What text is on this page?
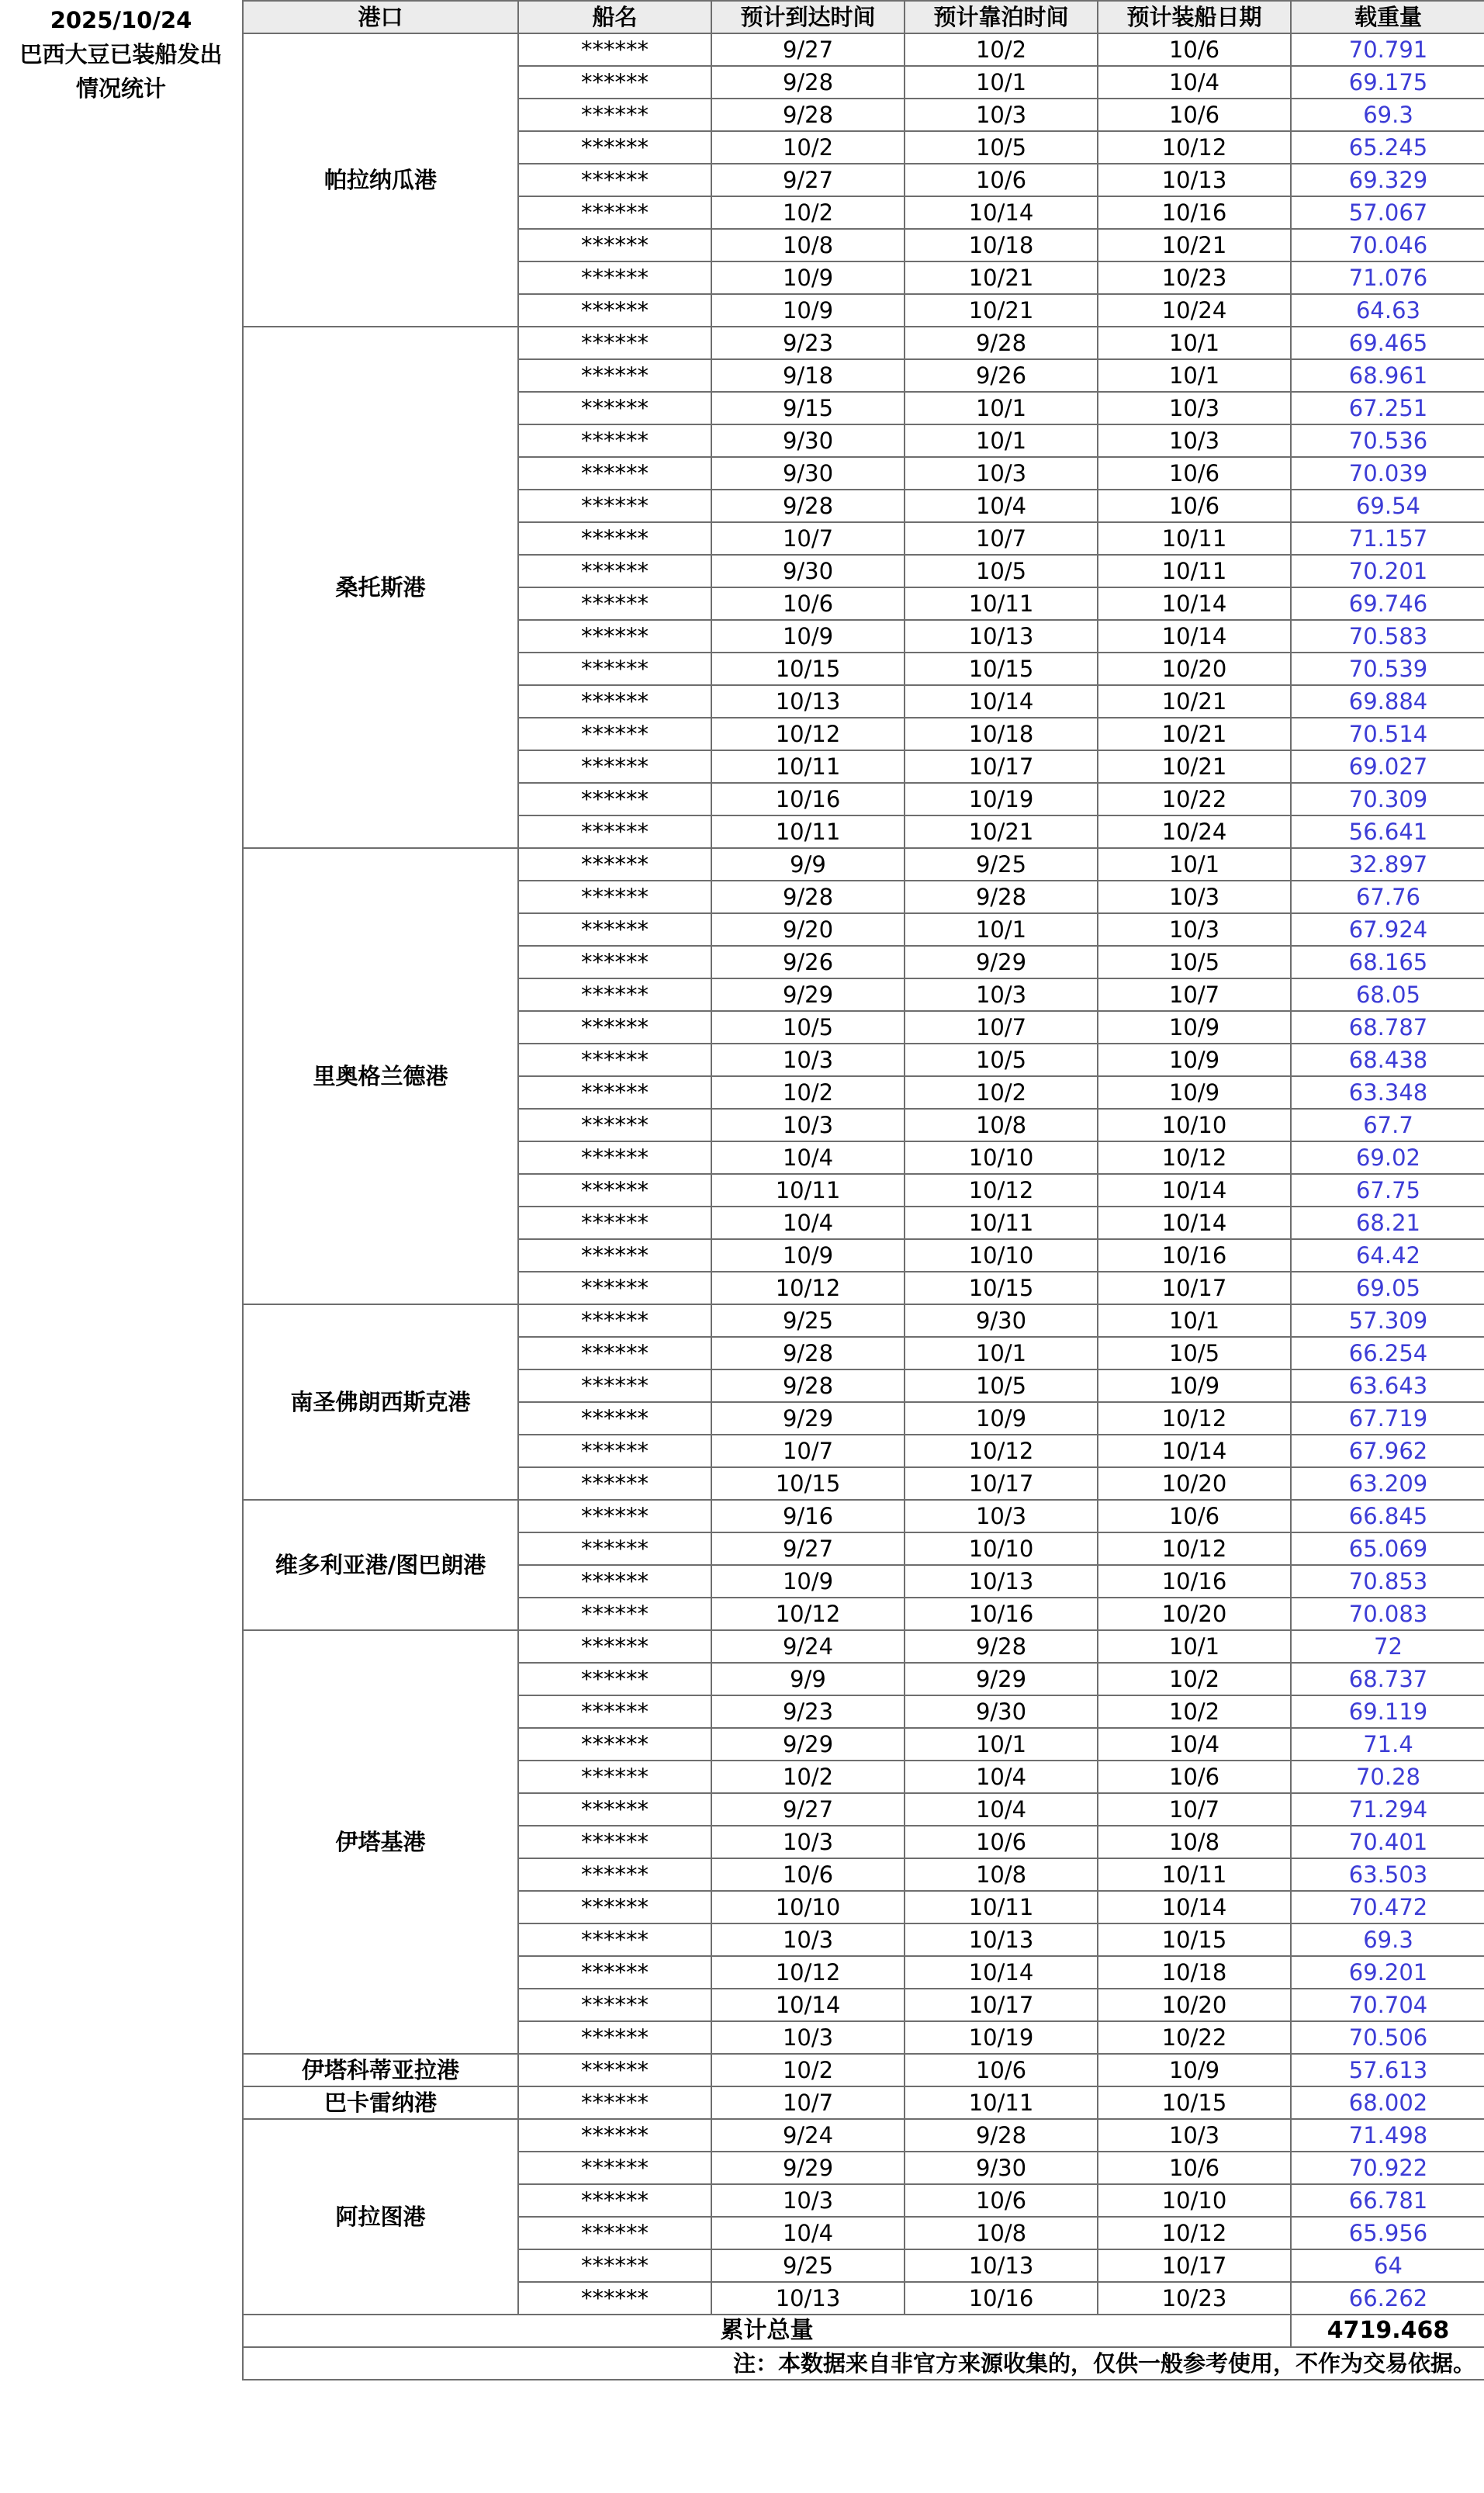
2025/10/24
巴西大豆已装船发出
情况统计
港口	船名	预计到达时间	预计靠泊时间	预计装船日期	载重量
帕拉纳瓜港	******	9/27	10/2	10/6	70.791
	******	9/28	10/1	10/4	69.175
	******	9/28	10/3	10/6	69.3
	******	10/2	10/5	10/12	65.245
	******	9/27	10/6	10/13	69.329
	******	10/2	10/14	10/16	57.067
	******	10/8	10/18	10/21	70.046
	******	10/9	10/21	10/23	71.076
	******	10/9	10/21	10/24	64.63
桑托斯港	******	9/23	9/28	10/1	69.465
	******	9/18	9/26	10/1	68.961
	******	9/15	10/1	10/3	67.251
	******	9/30	10/1	10/3	70.536
	******	9/30	10/3	10/6	70.039
	******	9/28	10/4	10/6	69.54
	******	10/7	10/7	10/11	71.157
	******	9/30	10/5	10/11	70.201
	******	10/6	10/11	10/14	69.746
	******	10/9	10/13	10/14	70.583
	******	10/15	10/15	10/20	70.539
	******	10/13	10/14	10/21	69.884
	******	10/12	10/18	10/21	70.514
	******	10/11	10/17	10/21	69.027
	******	10/16	10/19	10/22	70.309
	******	10/11	10/21	10/24	56.641
里奥格兰德港	******	9/9	9/25	10/1	32.897
	******	9/28	9/28	10/3	67.76
	******	9/20	10/1	10/3	67.924
	******	9/26	9/29	10/5	68.165
	******	9/29	10/3	10/7	68.05
	******	10/5	10/7	10/9	68.787
	******	10/3	10/5	10/9	68.438
	******	10/2	10/2	10/9	63.348
	******	10/3	10/8	10/10	67.7
	******	10/4	10/10	10/12	69.02
	******	10/11	10/12	10/14	67.75
	******	10/4	10/11	10/14	68.21
	******	10/9	10/10	10/16	64.42
	******	10/12	10/15	10/17	69.05
南圣佛朗西斯克港	******	9/25	9/30	10/1	57.309
	******	9/28	10/1	10/5	66.254
	******	9/28	10/5	10/9	63.643
	******	9/29	10/9	10/12	67.719
	******	10/7	10/12	10/14	67.962
	******	10/15	10/17	10/20	63.209
维多利亚港/图巴朗港	******	9/16	10/3	10/6	66.845
	******	9/27	10/10	10/12	65.069
	******	10/9	10/13	10/16	70.853
	******	10/12	10/16	10/20	70.083
伊塔基港	******	9/24	9/28	10/1	72
	******	9/9	9/29	10/2	68.737
	******	9/23	9/30	10/2	69.119
	******	9/29	10/1	10/4	71.4
	******	10/2	10/4	10/6	70.28
	******	9/27	10/4	10/7	71.294
	******	10/3	10/6	10/8	70.401
	******	10/6	10/8	10/11	63.503
	******	10/10	10/11	10/14	70.472
	******	10/3	10/13	10/15	69.3
	******	10/12	10/14	10/18	69.201
	******	10/14	10/17	10/20	70.704
	******	10/3	10/19	10/22	70.506
伊塔科蒂亚拉港	******	10/2	10/6	10/9	57.613
巴卡雷纳港	******	10/7	10/11	10/15	68.002
阿拉图港	******	9/24	9/28	10/3	71.498
	******	9/29	9/30	10/6	70.922
	******	10/3	10/6	10/10	66.781
	******	10/4	10/8	10/12	65.956
	******	9/25	10/13	10/17	64
	******	10/13	10/16	10/23	66.262
累计总量					4719.468
注：本数据来自非官方来源收集的，仅供一般参考使用，不作为交易依据。					
